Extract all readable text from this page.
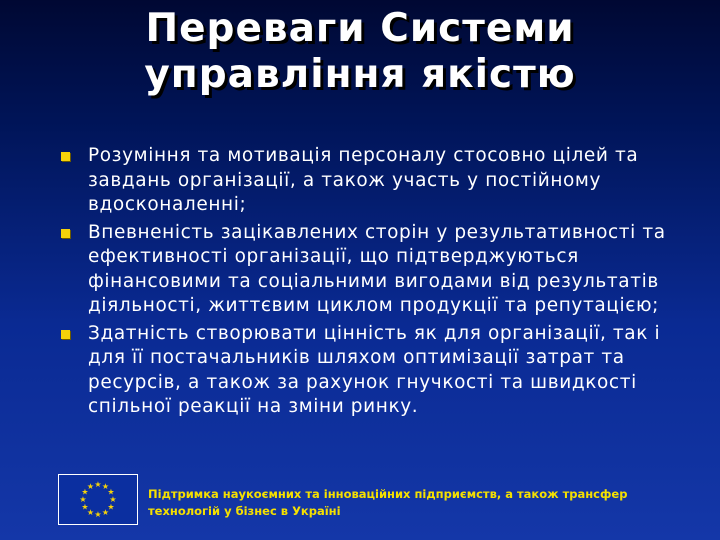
Переваги Системи
управління якістю
Розуміння та мотивація персоналу стосовно цілей та завдань організації, а також участь у постійному вдосконаленні;
Впевненість зацікавлених сторін у результативності та ефективності організації, що підтверджуються фінансовими та соціальними вигодами від результатів діяльності, життєвим циклом продукції та репутацією;
Здатність створювати цінність як для організації, так і для її постачальників шляхом оптимізації затрат та ресурсів, а також за рахунок гнучкості та швидкості спільної реакції на зміни ринку.
★ ★
★
★
★
★
★
★
★
★
★
★
Підтримка наукоємних та інноваційних підприємств, а також трансфер технологій у бізнес в Україні
